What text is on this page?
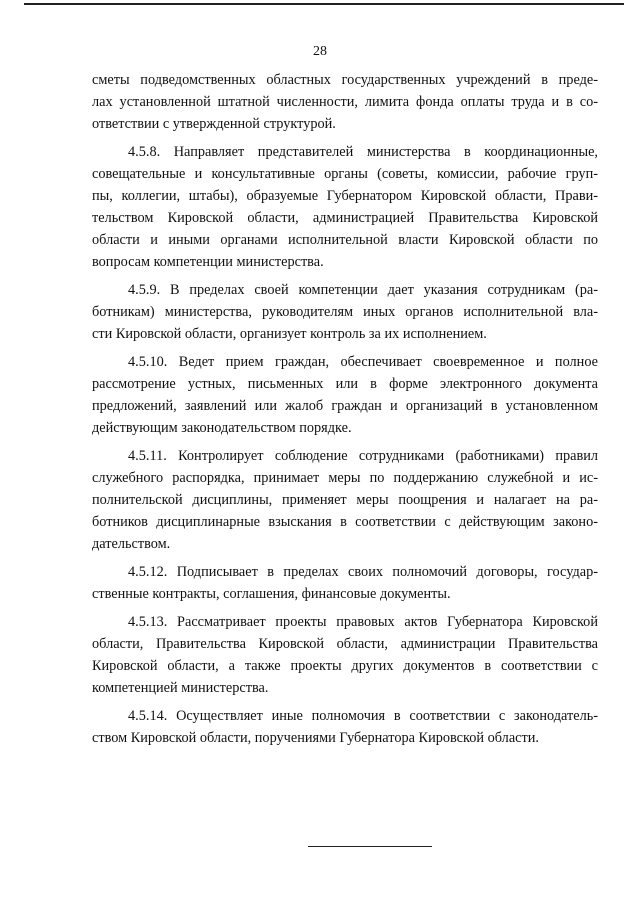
28
сметы подведомственных областных государственных учреждений в преде-
лах установленной штатной численности, лимита фонда оплаты труда и в со-
ответствии с утвержденной структурой.
4.5.8. Направляет представителей министерства в координационные,
совещательные и консультативные органы (советы, комиссии, рабочие груп-
пы, коллегии, штабы), образуемые Губернатором Кировской области, Прави-
тельством Кировской области, администрацией Правительства Кировской
области и иными органами исполнительной власти Кировской области по
вопросам компетенции министерства.
4.5.9. В пределах своей компетенции дает указания сотрудникам (ра-
ботникам) министерства, руководителям иных органов исполнительной вла-
сти Кировской области, организует контроль за их исполнением.
4.5.10. Ведет прием граждан, обеспечивает своевременное и полное
рассмотрение устных, письменных или в форме электронного документа
предложений, заявлений или жалоб граждан и организаций в установленном
действующим законодательством порядке.
4.5.11. Контролирует соблюдение сотрудниками (работниками) правил
служебного распорядка, принимает меры по поддержанию служебной и ис-
полнительской дисциплины, применяет меры поощрения и налагает на ра-
ботников дисциплинарные взыскания в соответствии с действующим законо-
дательством.
4.5.12. Подписывает в пределах своих полномочий договоры, государ-
ственные контракты, соглашения, финансовые документы.
4.5.13. Рассматривает проекты правовых актов Губернатора Кировской
области, Правительства Кировской области, администрации Правительства
Кировской области, а также проекты других документов в соответствии с
компетенцией министерства.
4.5.14. Осуществляет иные полномочия в соответствии с законодатель-
ством Кировской области, поручениями Губернатора Кировской области.
